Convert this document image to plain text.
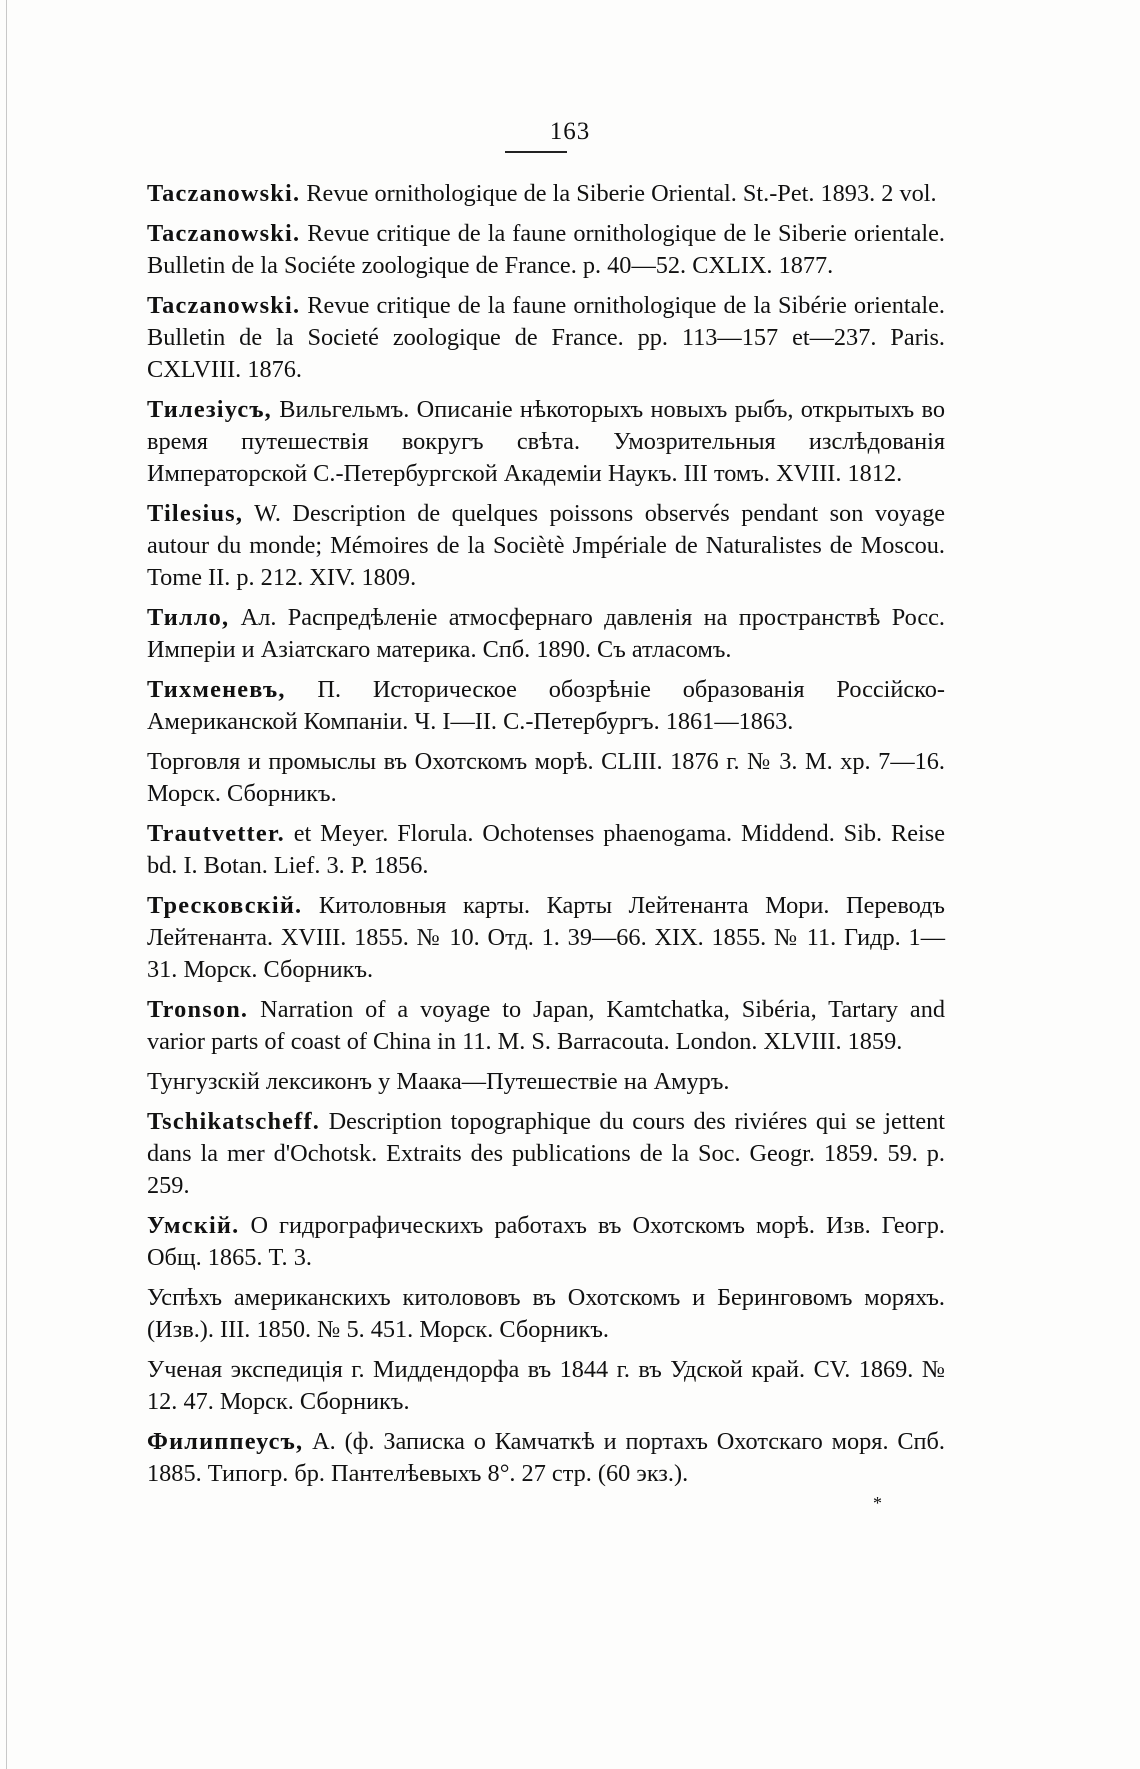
163

Taczanowski. Revue ornithologique de la Siberie Oriental. St.-Pet. 1893. 2 vol.

Taczanowski. Revue critique de la faune ornithologique de le Siberie orientale. Bulletin de la Sociéte zoologique de France. p. 40—52. CXLIX. 1877.

Taczanowski. Revue critique de la faune ornithologique de la Sibérie orientale. Bulletin de la Societé zoologique de France. pp. 113—157 et—237. Paris. CXLVIII. 1876.

Тилезіусъ, Вильгельмъ. Описаніе нѣкоторыхъ новыхъ рыбъ, открытыхъ во время путешествія вокругъ свѣта. Умозрительныя изслѣдованія Императорской С.-Петербургской Академіи Наукъ. III томъ. XVIII. 1812.

Tilesius, W. Description de quelques poissons observés pendant son voyage autour du monde; Mémoires de la Sociètè Jmpériale de Naturalistes de Moscou. Tome II. p. 212. XIV. 1809.

Тилло, Ал. Распредѣленіе атмосфернаго давленія на пространствѣ Росс. Имперіи и Азіатскаго материка. Спб. 1890. Съ атласомъ.

Тихменевъ, П. Историческое обозрѣніе образованія Россійско-Американской Компаніи. Ч. I—II. С.-Петербургъ. 1861—1863.

Торговля и промыслы въ Охотскомъ морѣ. CLIII. 1876 г. № 3. M. xp. 7—16. Морск. Сборникъ.

Trautvetter. et Meyer. Florula. Ochotenses phaenogama. Middend. Sib. Reise bd. I. Botan. Lief. 3. P. 1856.

Тресковскій. Китоловныя карты. Карты Лейтенанта Мори. Переводъ Лейтенанта. XVIII. 1855. № 10. Отд. 1. 39—66. XIX. 1855. № 11. Гидр. 1—31. Морск. Сборникъ.

Tronson. Narration of a voyage to Japan, Kamtchatka, Sibéria, Tartary and varior parts of coast of China in 11. M. S. Barracouta. London. XLVIII. 1859.

Тунгузскій лексиконъ у Маака—Путешествіе на Амуръ.

Tschikatscheff. Description topographique du cours des riviéres qui se jettent dans la mer d'Ochotsk. Extraits des publications de la Soc. Geogr. 1859. 59. p. 259.

Умскій. О гидрографическихъ работахъ въ Охотскомъ морѣ. Изв. Геогр. Общ. 1865. T. 3.

Успѣхъ американскихъ китолововъ въ Охотскомъ и Беринговомъ моряхъ. (Изв.). III. 1850. № 5. 451. Морск. Сборникъ.

Ученая экспедиція г. Миддендорфа въ 1844 г. въ Удской край. CV. 1869. № 12. 47. Морск. Сборникъ.

Филиппеусъ, А. (ф. Записка о Камчаткѣ и портахъ Охотскаго моря. Спб. 1885. Типогр. бр. Пантелѣевыхъ 8°. 27 стр. (60 экз.).

*
